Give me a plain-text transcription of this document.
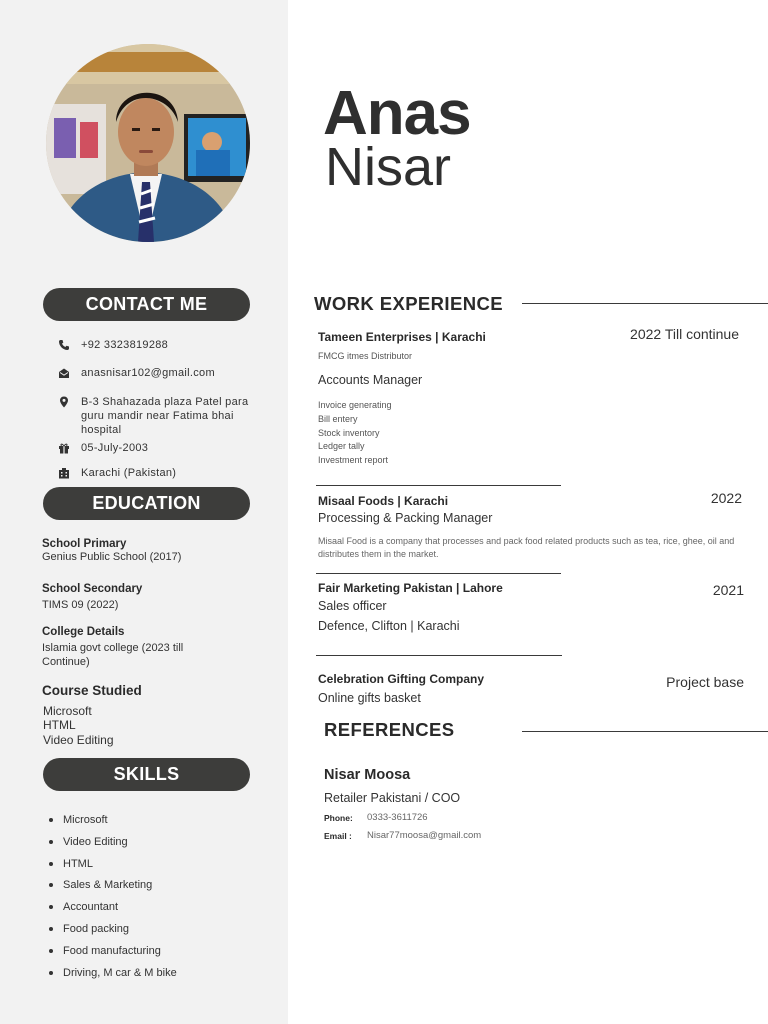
CONTACT ME
+92 3323819288
anasnisar102@gmail.com
B-3 Shahazada plaza Patel para guru mandir near Fatima bhai hospital
05-July-2003
Karachi (Pakistan)
EDUCATION
School Primary
Genius Public School (2017)
School Secondary
TIMS 09 (2022)
College Details
Islamia govt college (2023 till Continue)
Course Studied
Microsoft
HTML
Video Editing
SKILLS
Microsoft
Video Editing
HTML
Sales & Marketing
Accountant
Food packing
Food manufacturing
Driving, M car & M bike
Anas
Nisar
WORK EXPERIENCE
Tameen Enterprises | Karachi	2022 Till continue
FMCG itmes Distributor
Accounts Manager
Invoice generating
Bill entery
Stock inventory
Ledger tally
Investment report
Misaal Foods | Karachi	2022
Processing & Packing Manager
Misaal Food is a company that processes and pack food related products such as tea, rice, ghee, oil and distributes them in the market.
Fair Marketing Pakistan | Lahore	2021
Sales officer
Defence, Clifton | Karachi
Celebration Gifting Company	Project base
Online gifts basket
REFERENCES
Nisar Moosa
Retailer Pakistani / COO
Phone: 0333-3611726
Email : Nisar77moosa@gmail.com
